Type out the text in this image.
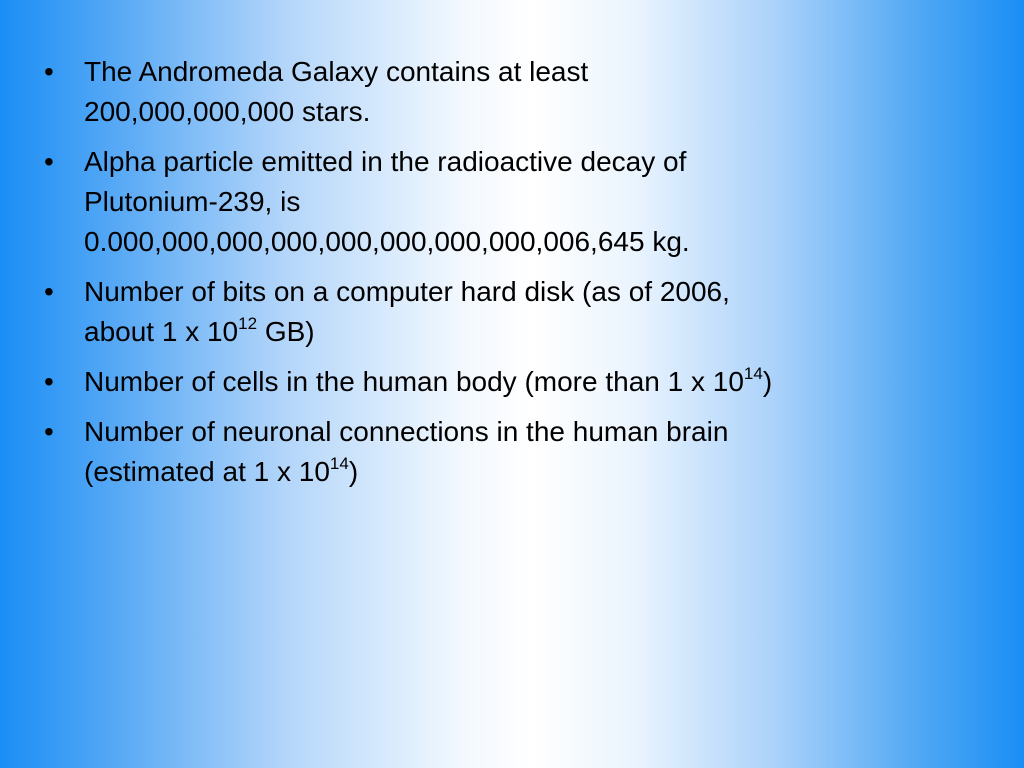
•	The Andromeda Galaxy contains at least
200,000,000,000 stars.
•	Alpha particle emitted in the radioactive decay of
Plutonium-239, is
0.000,000,000,000,000,000,000,000,006,645 kg.
•	Number of bits on a computer hard disk (as of 2006,
about 1 x $10^{12}$ GB)
•	Number of cells in the human body (more than 1 x $10^{14}$)
•	Number of neuronal connections in the human brain
(estimated at 1 x $10^{14}$)
